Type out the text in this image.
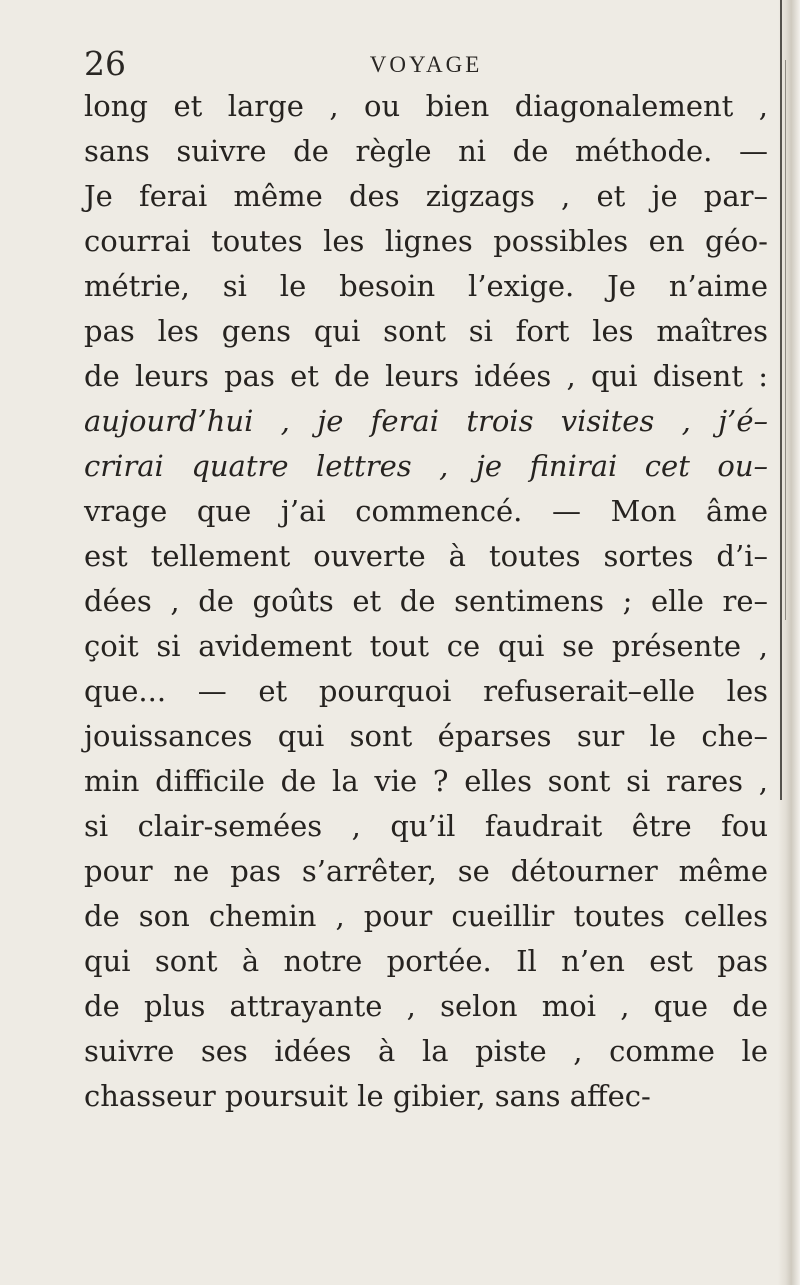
26	VOYAGE
long et large , ou bien diagonalement ,
sans suivre de règle ni de méthode. —
Je ferai même des zigzags , et je par–
courrai toutes les lignes possibles en géo-
métrie, si le besoin l’exige. Je n’aime
pas les gens qui sont si fort les maîtres
de leurs pas et de leurs idées , qui disent :
aujourd’hui , je ferai trois visites , j’é–
crirai quatre lettres , je finirai cet ou–
vrage que j’ai commencé. — Mon âme
est tellement ouverte à toutes sortes d’i–
dées , de goûts et de sentimens ; elle re–
çoit si avidement tout ce qui se présente ,
que... — et pourquoi refuserait–elle les
jouissances qui sont éparses sur le che–
min difficile de la vie ? elles sont si rares ,
si clair-semées , qu’il faudrait être fou
pour ne pas s’arrêter, se détourner même
de son chemin , pour cueillir toutes celles
qui sont à notre portée. Il n’en est pas
de plus attrayante , selon moi , que de
suivre ses idées à la piste , comme le
chasseur poursuit le gibier, sans affec-
